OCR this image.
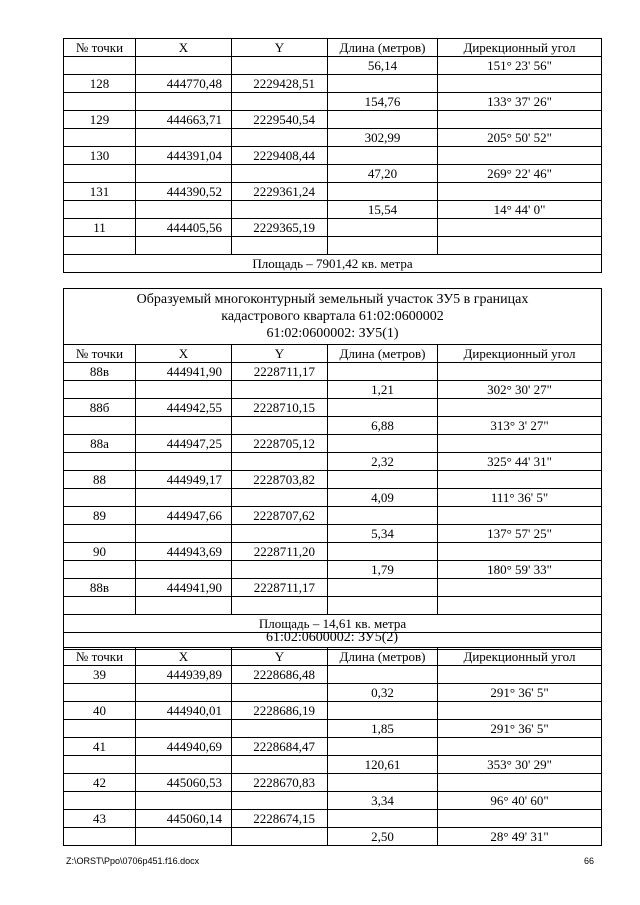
№ точки	X	Y	Длина (метров)	Дирекционный угол
			56,14	151° 23' 56"
128	444770,48	2229428,51		
			154,76	133° 37' 26"
129	444663,71	2229540,54		
			302,99	205° 50' 52"
130	444391,04	2229408,44		
			47,20	269° 22' 46"
131	444390,52	2229361,24		
			15,54	14° 44' 0"
11	444405,56	2229365,19		

Площадь – 7901,42 кв. метра				
Образуемый многоконтурный земельный участок ЗУ5 в границах
кадастрового квартала 61:02:0600002
61:02:0600002: ЗУ5(1)				

№ точки	X	Y	Длина (метров)	Дирекционный угол
88в	444941,90	2228711,17		
			1,21	302° 30' 27"
88б	444942,55	2228710,15		
			6,88	313° 3' 27"
88а	444947,25	2228705,12		
			2,32	325° 44' 31"
88	444949,17	2228703,82		
			4,09	111° 36' 5"
89	444947,66	2228707,62		
			5,34	137° 57' 25"
90	444943,69	2228711,20		
			1,79	180° 59' 33"
88в	444941,90	2228711,17		

Площадь – 14,61 кв. метра				

61:02:0600002: ЗУ5(2)
№ точки	X	Y	Длина (метров)	Дирекционный угол
39	444939,89	2228686,48		
			0,32	291° 36' 5"
40	444940,01	2228686,19		
			1,85	291° 36' 5"
41	444940,69	2228684,47		
			120,61	353° 30' 29"
42	445060,53	2228670,83		
			3,34	96° 40' 60"
43	445060,14	2228674,15		
			2,50	28° 49' 31"
Z:\ORST\Ppo\0706p451.f16.docx	66
